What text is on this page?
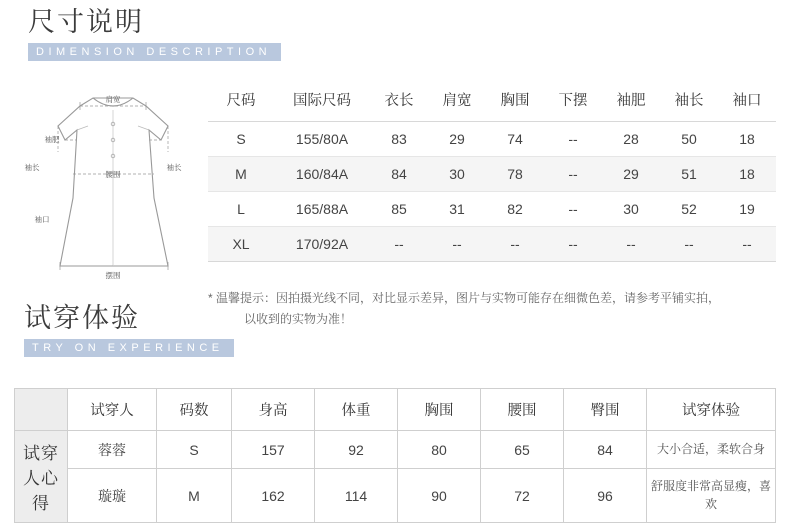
尺寸说明
DIMENSION DESCRIPTION
肩宽
袖肥
袖长	袖长
腰围
袖口
摆围
尺码	国际尺码	衣长	肩宽	胸围	下摆	袖肥	袖长	袖口
S	155/80A	83	29	74	--	28	50	18
M	160/84A	84	30	78	--	29	51	18
L	165/88A	85	31	82	--	30	52	19
XL	170/92A	--	--	--	--	--	--	--
* 温馨提示：因拍摄光线不同，对比显示差异，图片与实物可能存在细微色差，请参考平铺实拍，
以收到的实物为准！
试穿体验
TRY ON EXPERIENCE
	试穿人	码数	身高	体重	胸围	腰围	臀围	试穿体验
试穿人心得	蓉蓉	S	157	92	80	65	84	大小合适，柔软合身
	璇璇	M	162	114	90	72	96	舒服度非常高显瘦，喜欢
